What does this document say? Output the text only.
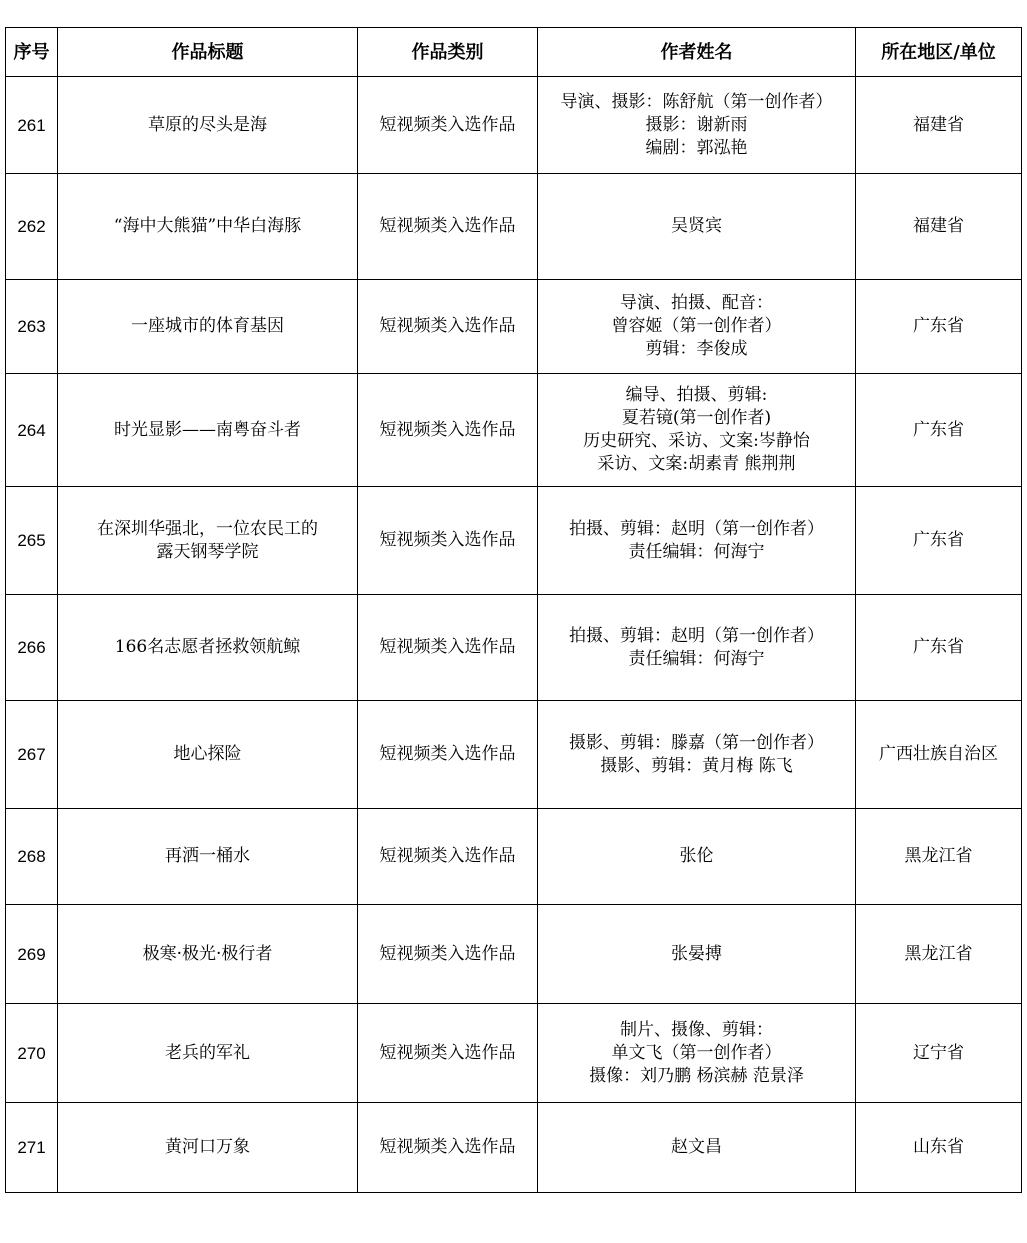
序号	作品标题	作品类别	作者姓名	所在地区/单位
261	草原的尽头是海	短视频类入选作品	导演、摄影：陈舒航（第一创作者）
摄影：谢新雨
编剧：郭泓艳	福建省
262	“海中大熊猫”中华白海豚	短视频类入选作品	吴贤宾	福建省
263	一座城市的体育基因	短视频类入选作品	导演、拍摄、配音：
曾容姬（第一创作者）
剪辑：李俊成	广东省
264	时光显影——南粤奋斗者	短视频类入选作品	编导、拍摄、剪辑:
夏若镜(第一创作者)
历史研究、采访、文案:岑静怡
采访、文案:胡素青 熊荆荆	广东省
265	在深圳华强北，一位农民工的
露天钢琴学院	短视频类入选作品	拍摄、剪辑：赵明（第一创作者）
责任编辑：何海宁	广东省
266	166名志愿者拯救领航鲸	短视频类入选作品	拍摄、剪辑：赵明（第一创作者）
责任编辑：何海宁	广东省
267	地心探险	短视频类入选作品	摄影、剪辑：滕嘉（第一创作者）
摄影、剪辑：黄月梅 陈飞	广西壮族自治区
268	再洒一桶水	短视频类入选作品	张伦	黑龙江省
269	极寒·极光·极行者	短视频类入选作品	张晏搏	黑龙江省
270	老兵的军礼	短视频类入选作品	制片、摄像、剪辑：
单文飞（第一创作者）
摄像：刘乃鹏 杨滨赫 范景泽	辽宁省
271	黄河口万象	短视频类入选作品	赵文昌	山东省
